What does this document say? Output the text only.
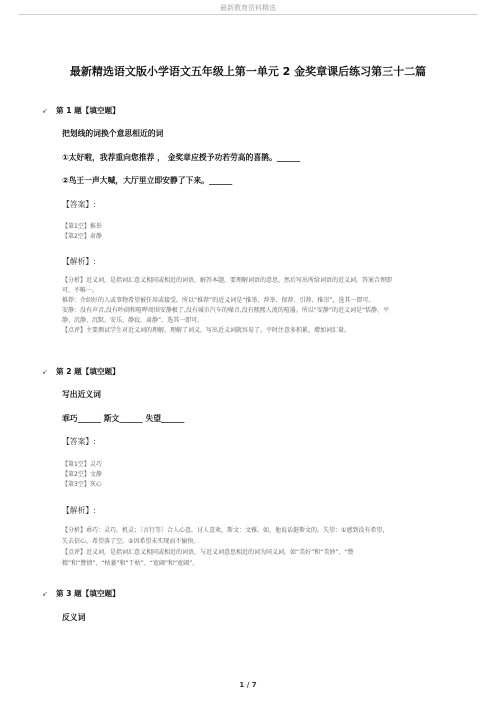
最新教育资料精选
最新精选语文版小学语文五年级上第一单元 2 金奖章课后练习第三十二篇
➹ 第 1 题【填空题】
把划线的词换个意思相近的词
①太好啦，我荐重向您推荐 ， 金奖章应授予功若劳高的喜鹊。______
②鸟王一声大喊，大厅里立即安静了下来。______
【答案】:
【第1空】推举
【第2空】肃静
【解析】:
【分析】近义词，是指词汇意义相同或相近的词语，解答本题，要理解词语的意思，然后写出所给词语的近义词。答案合理即
可，不唯一。
推荐：介绍好的人或事物希望被任用或接受。所以“推荐”的近义词是“推举、荐举、保荐、引荐、推崇”，选其一即可。
安静：没有声音,没有吵闹和喧哗周围安静极了,没有城市汽车的噪音,没有熙熙人流的喧嚣。所以“安静”的近义词是“恬静、平
静、沉静、沉默、安乐、静寂、肃静”，选其一即可。
【点评】主要测试学生对近义词的理解，理解了词义，写出近义词就容易了。平时注意多积累，增加词汇量。
➹ 第 2 题【填空题】
写出近义词
乖巧______ 斯文______ 失望______
【答案】:
【第1空】灵巧
【第2空】文静
【第3空】灰心
【解析】:
【分析】乖巧：灵巧，机灵；〔言行等〕合人心意，讨人喜欢。斯文：文雅。如，他说话挺斯文的。失望：①感到没有希望，
失去信心，希望落了空。②因希望未实现而不愉快。
【点评】近义词，是指词汇意义相同或相近的词语，与近义词意思相近的词为同义词。如“美好”和“美妙”、“赞
精”和“赞情”、“枯萎”和“干枯”、“宽阔”和“宽阔”。
➹ 第 3 题【填空题】
反义词
1 / 7
